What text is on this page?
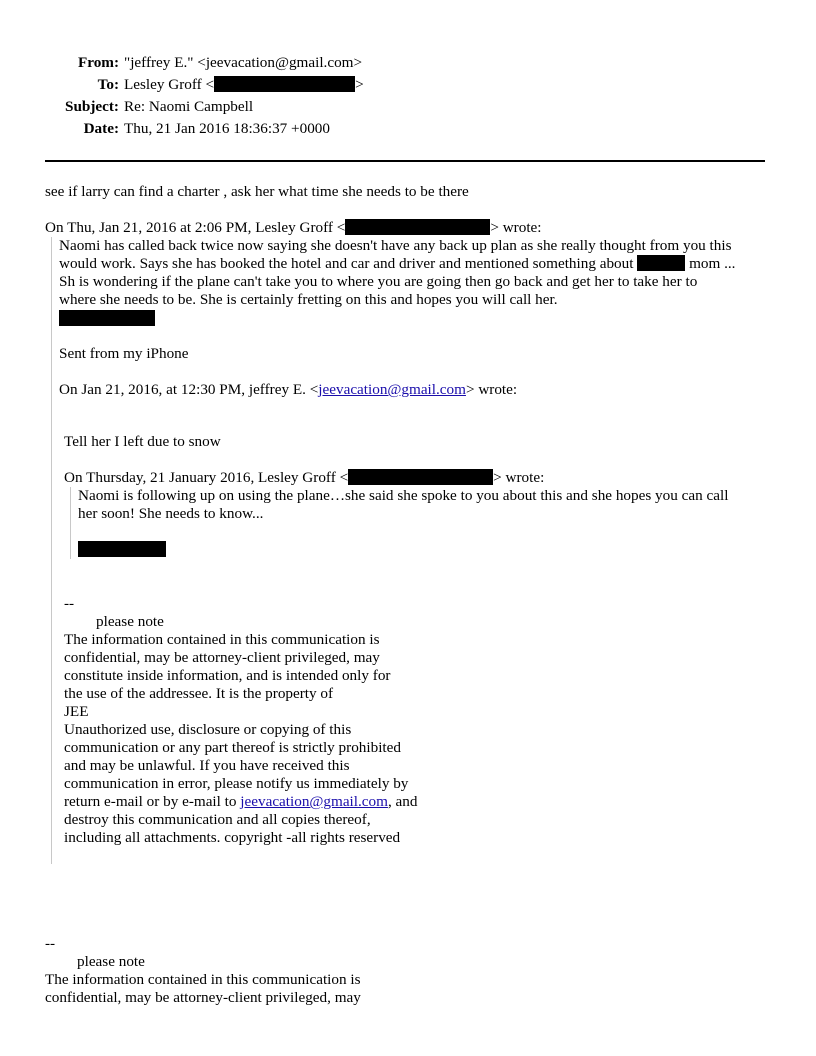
From: "jeffrey E." <jeevacation@gmail.com>
To: Lesley Groff <	>
Subject: Re: Naomi Campbell
Date: Thu, 21 Jan 2016 18:36:37 +0000
see if larry can find a charter , ask her what time she needs to be there
On Thu, Jan 21, 2016 at 2:06 PM, Lesley Groff <	> wrote:
Naomi has called back twice now saying she doesn't have any back up plan as she really thought from you this
would work. Says she has booked the hotel and car and driver and mentioned something about	mom ...
Sh is wondering if the plane can't take you to where you are going then go back and get her to take her to
where she needs to be. She is certainly fretting on this and hopes you will call her.
Sent from my iPhone
On Jan 21, 2016, at 12:30 PM, jeffrey E. <jeevacation@gmail.com> wrote:
Tell her I left due to snow
On Thursday, 21 January 2016, Lesley Groff <	> wrote:
Naomi is following up on using the plane…she said she spoke to you about this and she hopes you can call
her soon! She needs to know...
--
please note
The information contained in this communication is
confidential, may be attorney-client privileged, may
constitute inside information, and is intended only for
the use of the addressee. It is the property of
JEE
Unauthorized use, disclosure or copying of this
communication or any part thereof is strictly prohibited
and may be unlawful. If you have received this
communication in error, please notify us immediately by
return e-mail or by e-mail to jeevacation@gmail.com, and
destroy this communication and all copies thereof,
including all attachments. copyright -all rights reserved
--
please note
The information contained in this communication is
confidential, may be attorney-client privileged, may
